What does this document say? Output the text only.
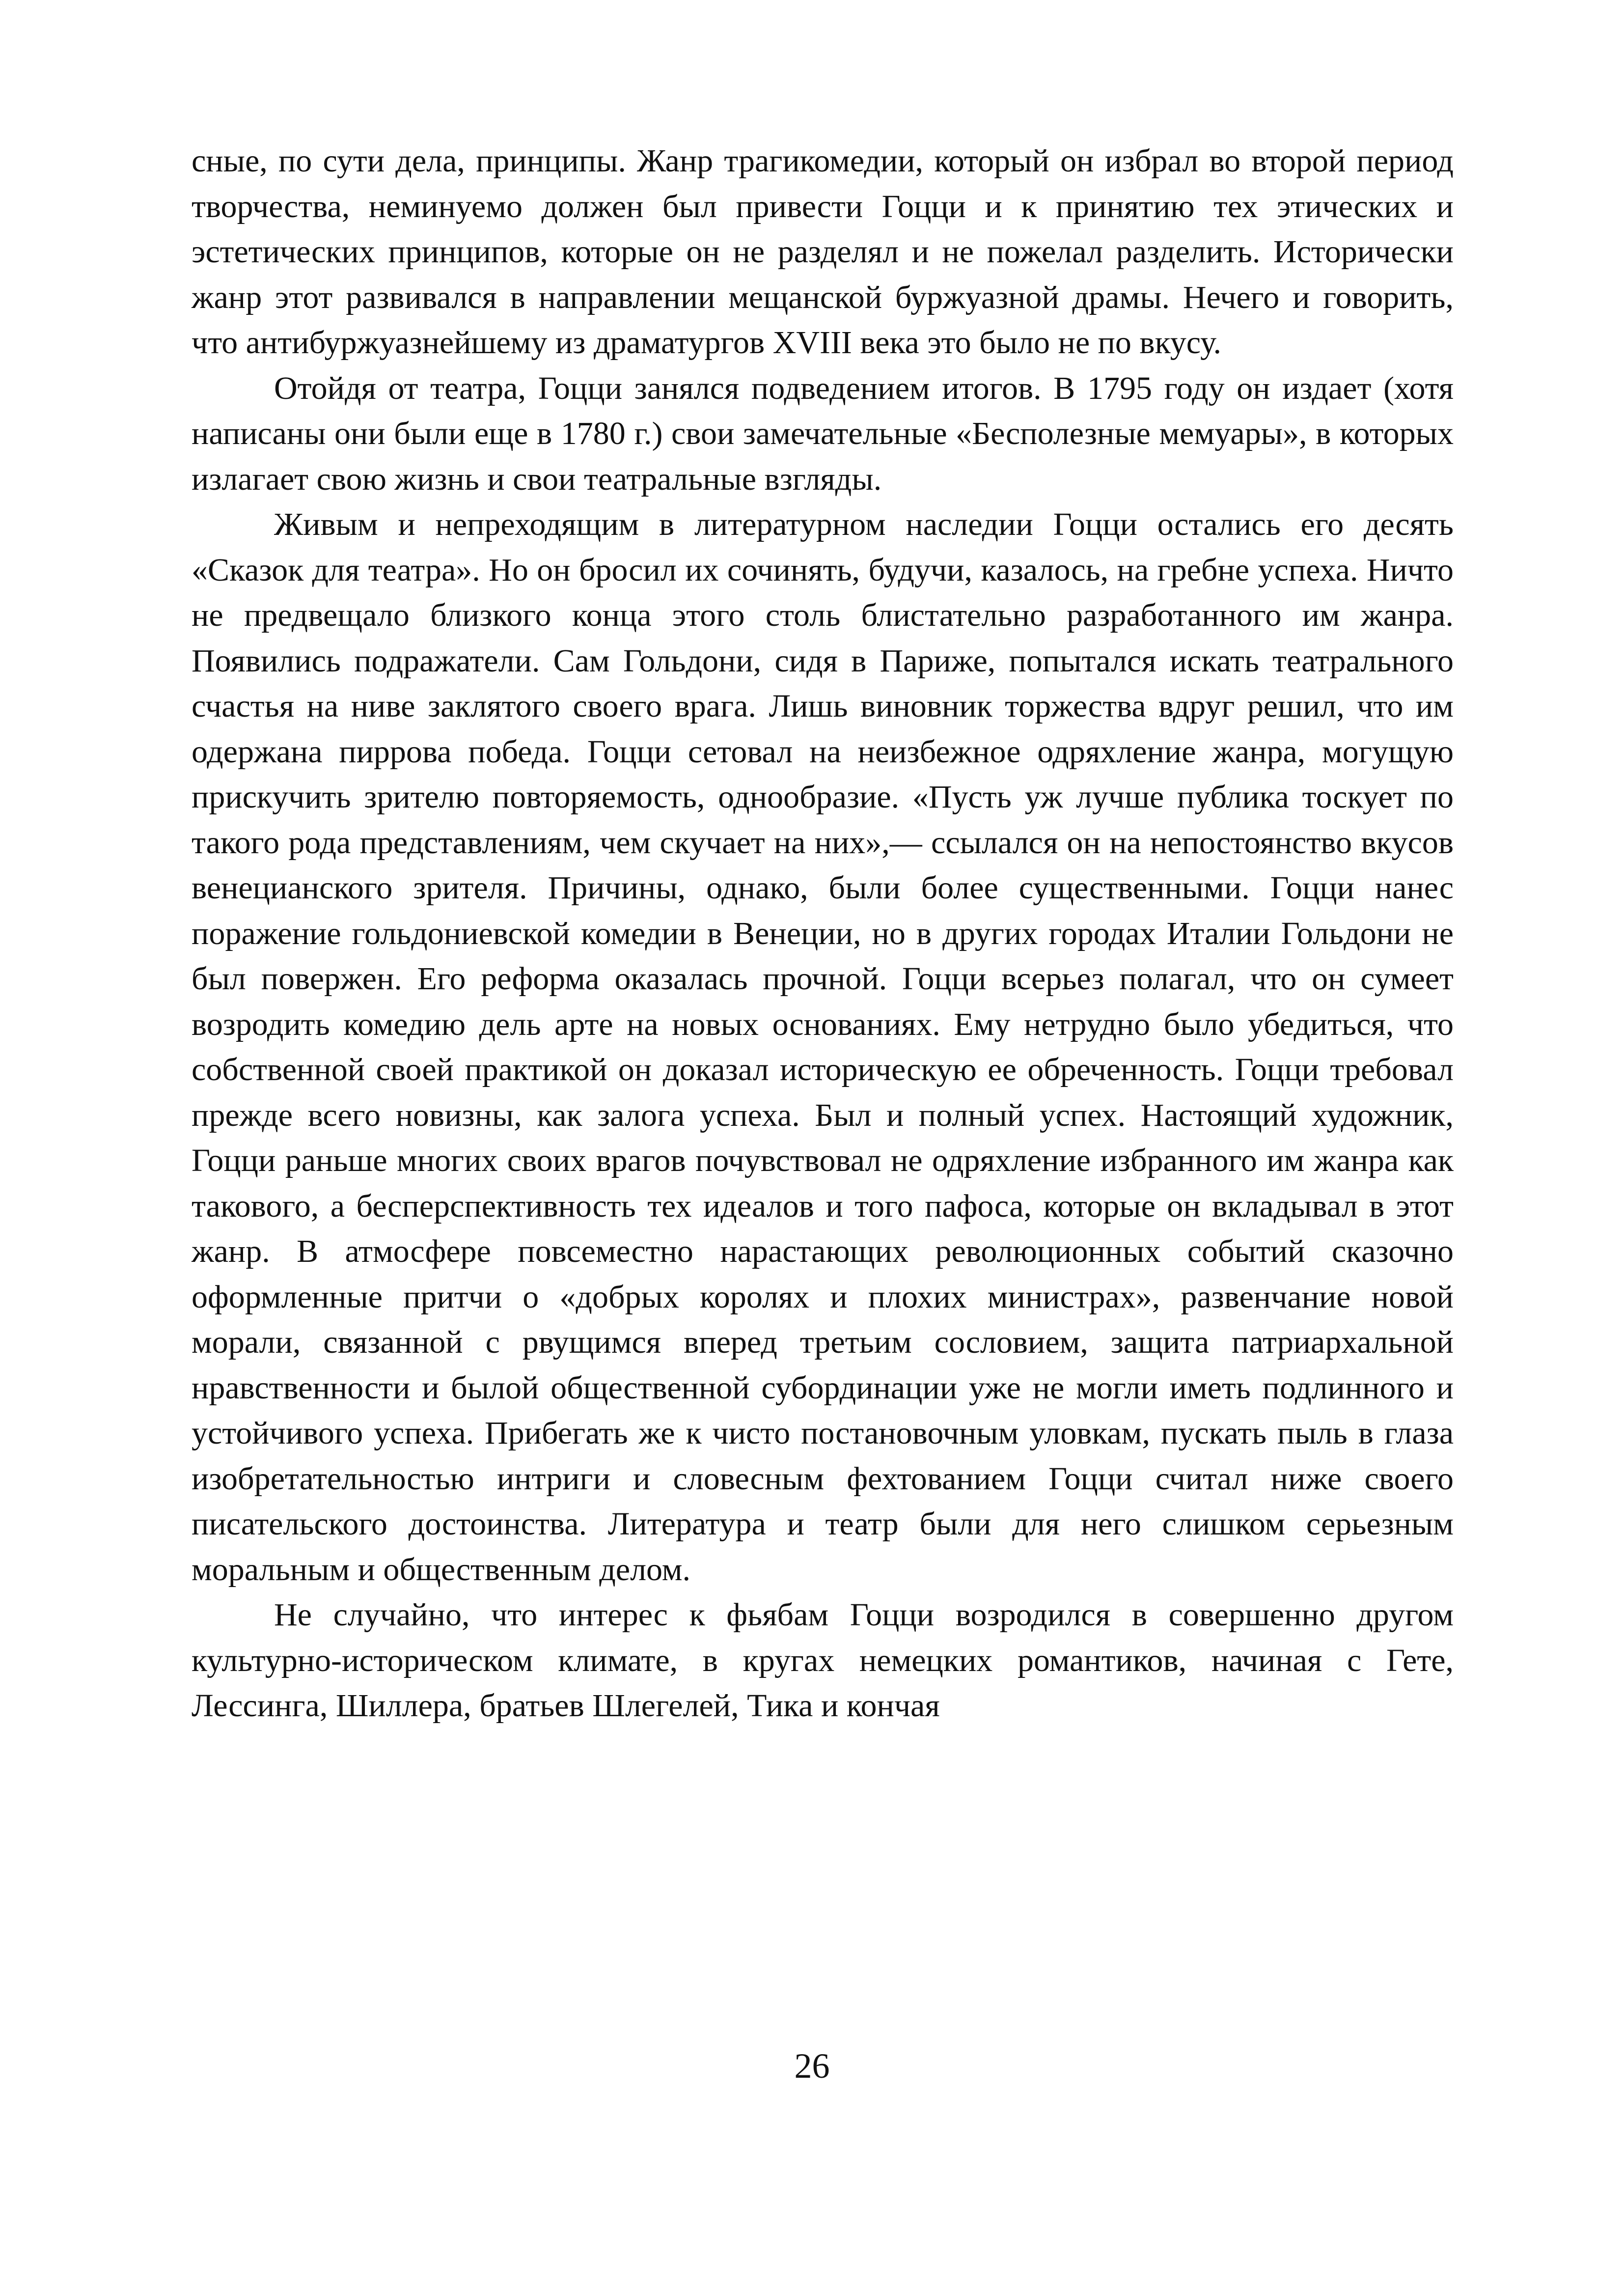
сные, по сути дела, принципы. Жанр трагикомедии, который он избрал во второй период творчества, неминуемо должен был привести Гоцци и к принятию тех этических и эстетических принципов, которые он не разделял и не пожелал разделить. Исторически жанр этот развивался в направлении мещанской буржуазной драмы. Нечего и говорить, что антибуржуазнейшему из драматургов XVIII века это было не по вкусу.

Отойдя от театра, Гоцци занялся подведением итогов. В 1795 году он издает (хотя написаны они были еще в 1780 г.) свои замечательные «Бесполезные мемуары», в которых излагает свою жизнь и свои театральные взгляды.

Живым и непреходящим в литературном наследии Гоцци остались его десять «Сказок для театра». Но он бросил их сочинять, будучи, казалось, на гребне успеха. Ничто не предвещало близкого конца этого столь блистательно разработанного им жанра. Появились подражатели. Сам Гольдони, сидя в Париже, попытался искать театрального счастья на ниве заклятого своего врага. Лишь виновник торжества вдруг решил, что им одержана пиррова победа. Гоцци сетовал на неизбежное одряхление жанра, могущую прискучить зрителю повторяемость, однообразие. «Пусть уж лучше публика тоскует по такого рода представлениям, чем скучает на них»,— ссылался он на непостоянство вкусов венецианского зрителя. Причины, однако, были более существенными. Гоцци нанес поражение гольдониевской комедии в Венеции, но в других городах Италии Гольдони не был повержен. Его реформа оказалась прочной. Гоцци всерьез полагал, что он сумеет возродить комедию дель арте на новых основаниях. Ему нетрудно было убедиться, что собственной своей практикой он доказал историческую ее обреченность. Гоцци требовал прежде всего новизны, как залога успеха. Был и полный успех. Настоящий художник, Гоцци раньше многих своих врагов почувствовал не одряхление избранного им жанра как такового, а бесперспективность тех идеалов и того пафоса, которые он вкладывал в этот жанр. В атмосфере повсеместно нарастающих революционных событий сказочно оформленные притчи о «добрых королях и плохих министрах», развенчание новой морали, связанной с рвущимся вперед третьим сословием, защита патриархальной нравственности и былой общественной субординации уже не могли иметь подлинного и устойчивого успеха. Прибегать же к чисто постановочным уловкам, пускать пыль в глаза изобретательностью интриги и словесным фехтованием Гоцци считал ниже своего писательского достоинства. Литература и театр были для него слишком серьезным моральным и общественным делом.

Не случайно, что интерес к фьябам Гоцци возродился в совершенно другом культурно-историческом климате, в кругах немецких романтиков, начиная с Гете, Лессинга, Шиллера, братьев Шлегелей, Тика и кончая

26
